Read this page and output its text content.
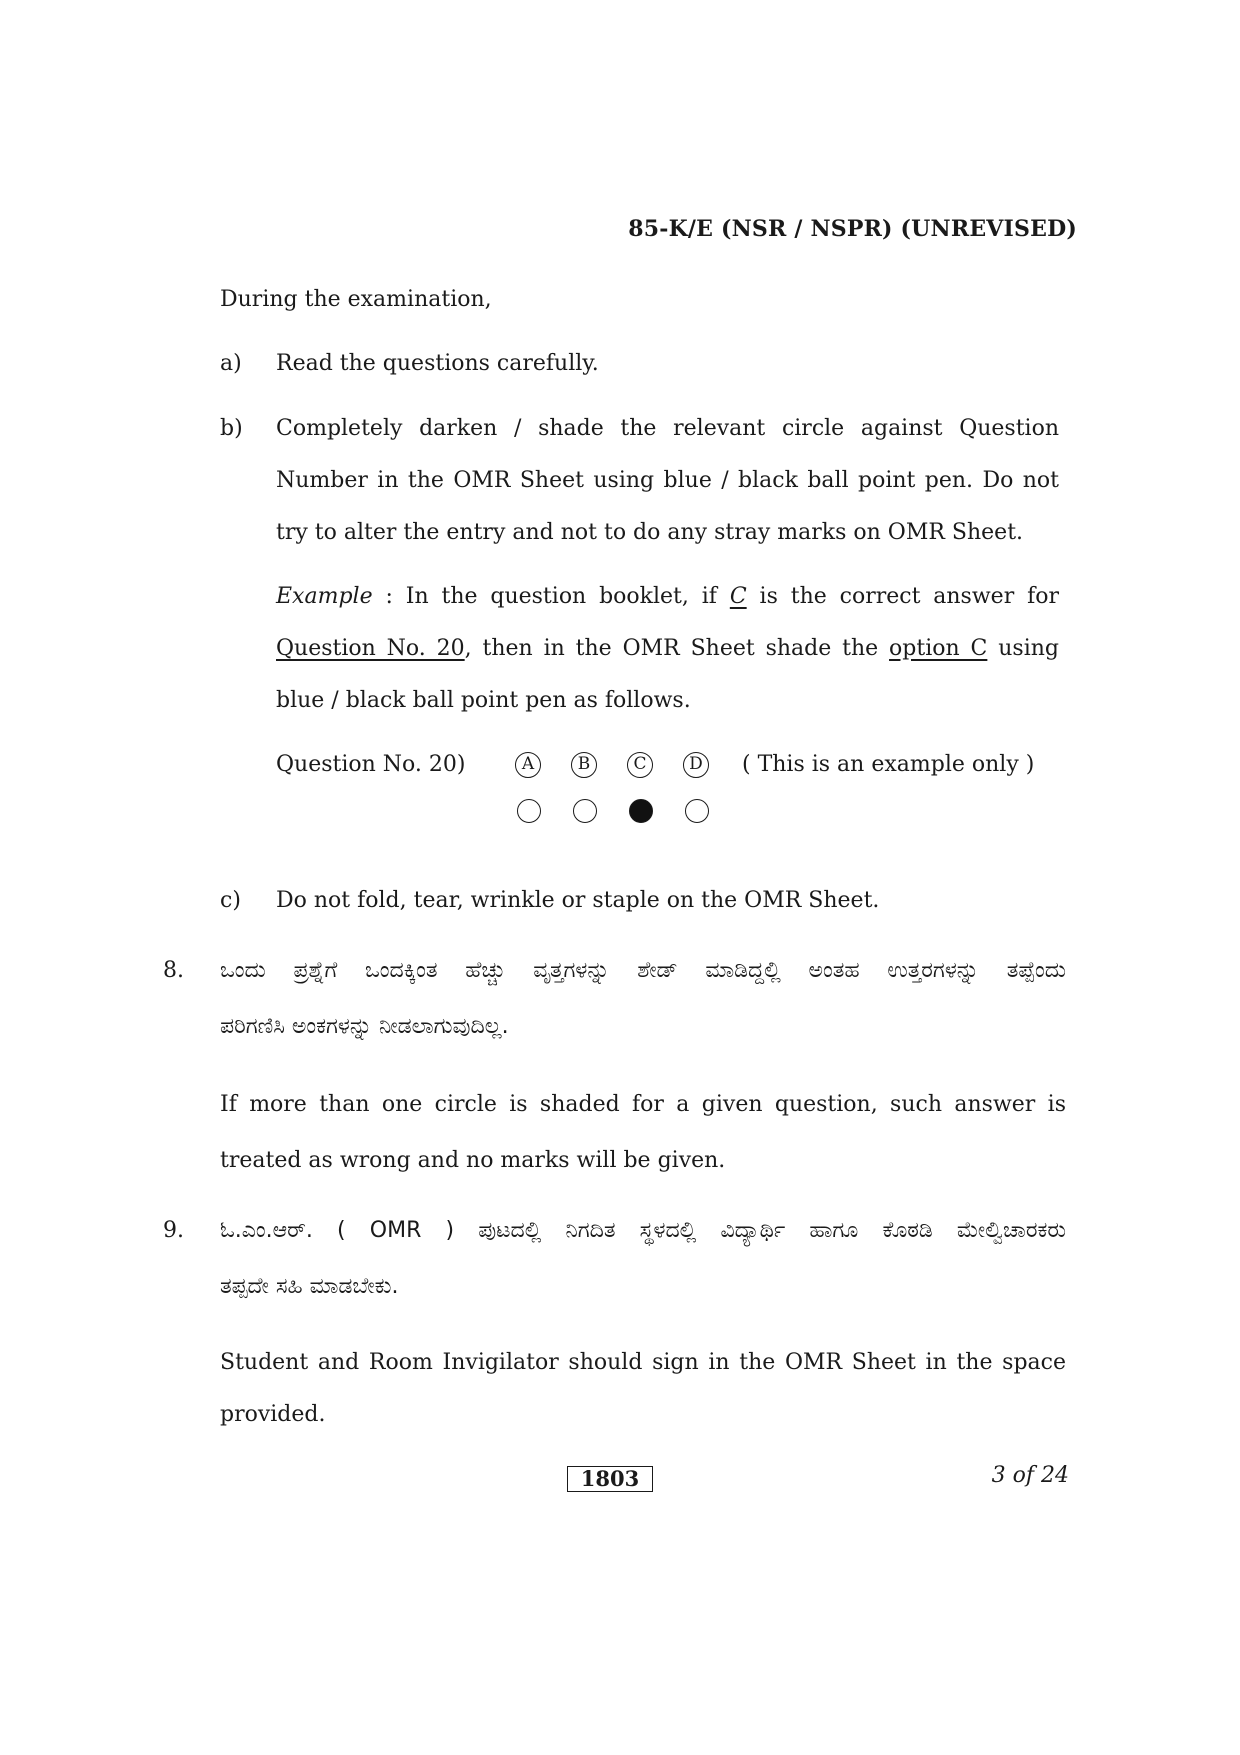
85-K/E (NSR / NSPR) (UNREVISED)
During the examination,
a) Read the questions carefully.
b) Completely darken / shade the relevant circle against Question
Number in the OMR Sheet using blue / black ball point pen. Do not
try to alter the entry and not to do any stray marks on OMR Sheet.
Example : In the question booklet, if C is the correct answer for
Question No. 20, then in the OMR Sheet shade the option C using
blue / black ball point pen as follows.
Question No. 20)	A	B	C	D ( This is an example only )
c) Do not fold, tear, wrinkle or staple on the OMR Sheet.
8. ಒಂದು ಪ್ರಶ್ನೆಗೆ ಒಂದಕ್ಕಿಂತ ಹೆಚ್ಚು ವೃತ್ತಗಳನ್ನು ಶೇಡ್ ಮಾಡಿದ್ದಲ್ಲಿ ಅಂತಹ ಉತ್ತರಗಳನ್ನು ತಪ್ಪೆಂದು
ಪರಿಗಣಿಸಿ ಅಂಕಗಳನ್ನು ನೀಡಲಾಗುವುದಿಲ್ಲ.
If more than one circle is shaded for a given question, such answer is
treated as wrong and no marks will be given.
9. ಓ.ಎಂ.ಆರ್. ( OMR ) ಪುಟದಲ್ಲಿ ನಿಗದಿತ ಸ್ಥಳದಲ್ಲಿ ವಿದ್ಯಾರ್ಥಿ ಹಾಗೂ ಕೊಠಡಿ ಮೇಲ್ವಿಚಾರಕರು
ತಪ್ಪದೇ ಸಹಿ ಮಾಡಬೇಕು.
Student and Room Invigilator should sign in the OMR Sheet in the space
provided.
1803	3 of 24
